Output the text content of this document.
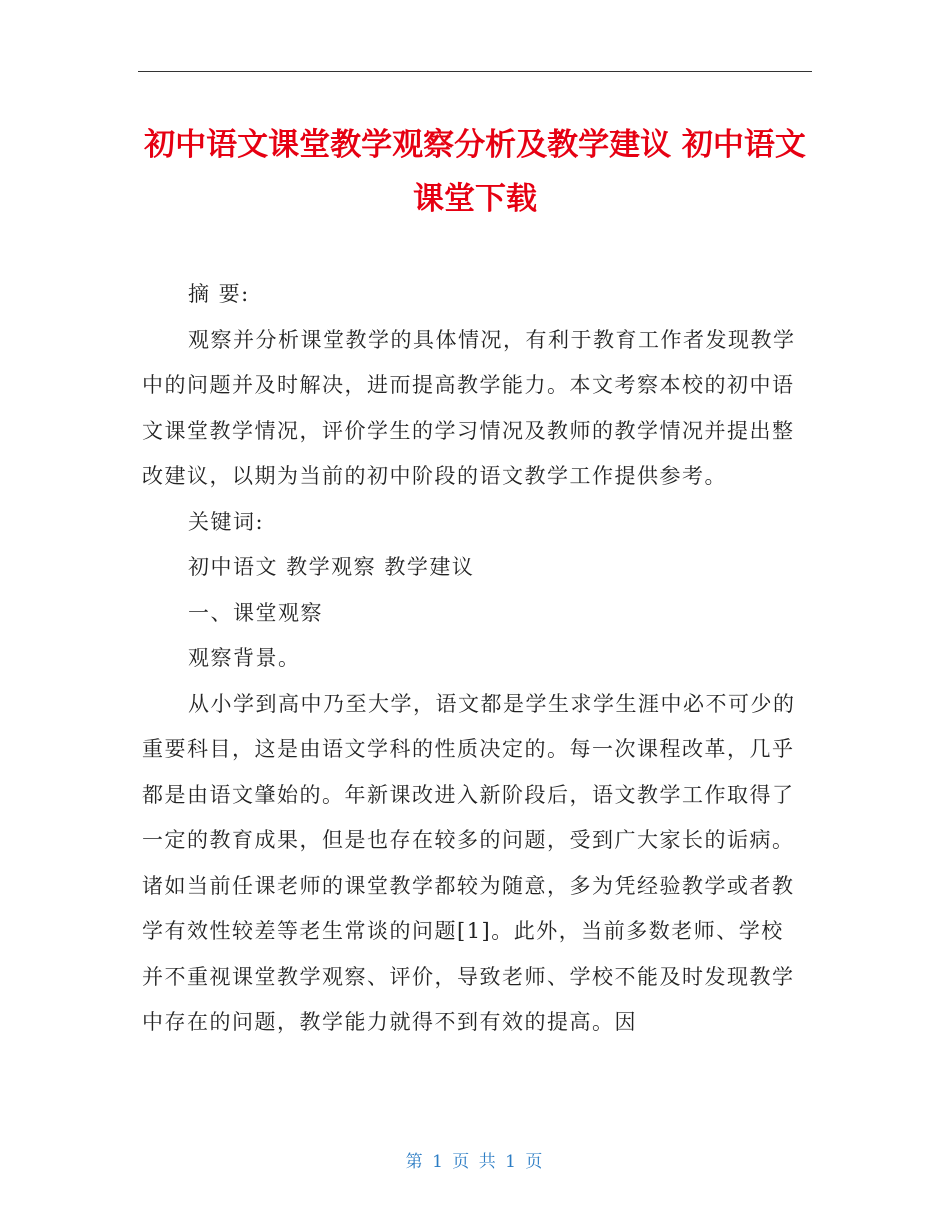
初中语文课堂教学观察分析及教学建议 初中语文课堂下载

摘 要:

观察并分析课堂教学的具体情况，有利于教育工作者发现教学中的问题并及时解决，进而提高教学能力。本文考察本校的初中语文课堂教学情况，评价学生的学习情况及教师的教学情况并提出整改建议，以期为当前的初中阶段的语文教学工作提供参考。

关键词:

初中语文 教学观察 教学建议

一、课堂观察

观察背景。

从小学到高中乃至大学，语文都是学生求学生涯中必不可少的重要科目，这是由语文学科的性质决定的。每一次课程改革，几乎都是由语文肇始的。年新课改进入新阶段后，语文教学工作取得了一定的教育成果，但是也存在较多的问题，受到广大家长的诟病。诸如当前任课老师的课堂教学都较为随意，多为凭经验教学或者教学有效性较差等老生常谈的问题[1]。此外，当前多数老师、学校并不重视课堂教学观察、评价，导致老师、学校不能及时发现教学中存在的问题，教学能力就得不到有效的提高。因

第 1 页 共 1 页
